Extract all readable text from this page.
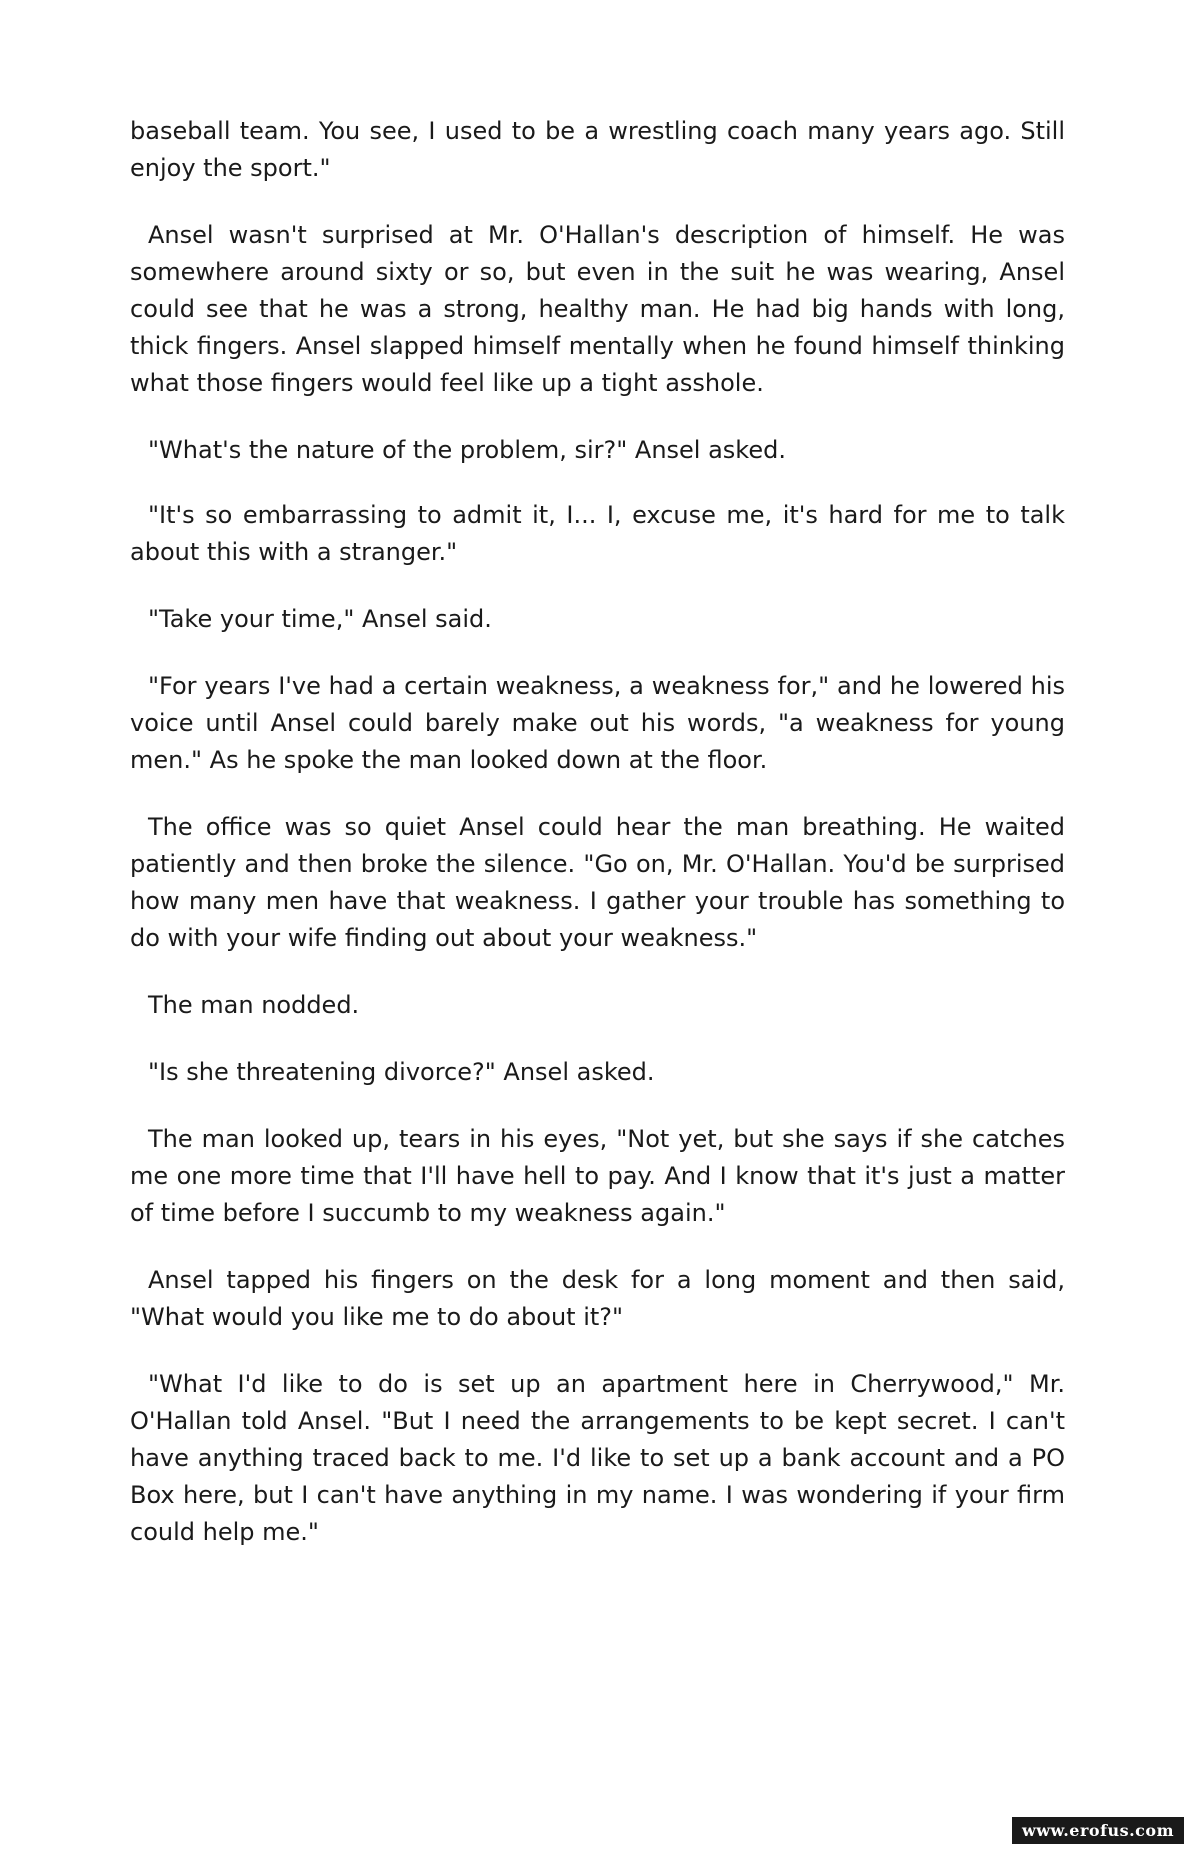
baseball team. You see, I used to be a wrestling coach many years ago. Still enjoy the sport."

Ansel wasn't surprised at Mr. O'Hallan's description of himself. He was somewhere around sixty or so, but even in the suit he was wearing, Ansel could see that he was a strong, healthy man. He had big hands with long, thick fingers. Ansel slapped himself mentally when he found himself thinking what those fingers would feel like up a tight asshole.

"What's the nature of the problem, sir?" Ansel asked.

"It's so embarrassing to admit it, I... I, excuse me, it's hard for me to talk about this with a stranger."

"Take your time," Ansel said.

"For years I've had a certain weakness, a weakness for," and he lowered his voice until Ansel could barely make out his words, "a weakness for young men." As he spoke the man looked down at the floor.

The office was so quiet Ansel could hear the man breathing. He waited patiently and then broke the silence. "Go on, Mr. O'Hallan. You'd be surprised how many men have that weakness. I gather your trouble has something to do with your wife finding out about your weakness."

The man nodded.

"Is she threatening divorce?" Ansel asked.

The man looked up, tears in his eyes, "Not yet, but she says if she catches me one more time that I'll have hell to pay. And I know that it's just a matter of time before I succumb to my weakness again."

Ansel tapped his fingers on the desk for a long moment and then said, "What would you like me to do about it?"

"What I'd like to do is set up an apartment here in Cherrywood," Mr. O'Hallan told Ansel. "But I need the arrangements to be kept secret. I can't have anything traced back to me. I'd like to set up a bank account and a PO Box here, but I can't have anything in my name. I was wondering if your firm could help me."

www.erofus.com
